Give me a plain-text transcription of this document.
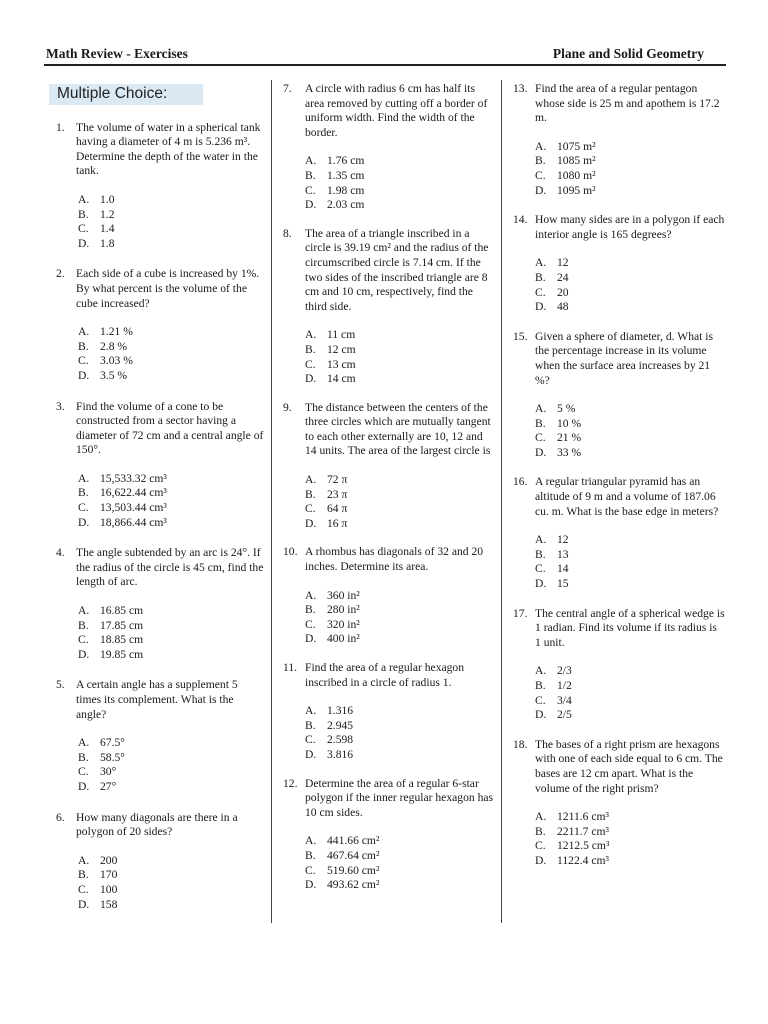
Math Review - Exercises	Plane and Solid Geometry
Multiple Choice:
1. The volume of water in a spherical tank having a diameter of 4 m is 5.236 m³. Determine the depth of the water in the tank.
A. 1.0
B. 1.2
C. 1.4
D. 1.8
2. Each side of a cube is increased by 1%. By what percent is the volume of the cube increased?
A. 1.21 %
B. 2.8 %
C. 3.03 %
D. 3.5 %
3. Find the volume of a cone to be constructed from a sector having a diameter of 72 cm and a central angle of 150°.
A. 15,533.32 cm³
B. 16,622.44 cm³
C. 13,503.44 cm³
D. 18,866.44 cm³
4. The angle subtended by an arc is 24°. If the radius of the circle is 45 cm, find the length of arc.
A. 16.85 cm
B. 17.85 cm
C. 18.85 cm
D. 19.85 cm
5. A certain angle has a supplement 5 times its complement. What is the angle?
A. 67.5°
B. 58.5°
C. 30°
D. 27°
6. How many diagonals are there in a polygon of 20 sides?
A. 200
B. 170
C. 100
D. 158
7. A circle with radius 6 cm has half its area removed by cutting off a border of uniform width. Find the width of the border.
A. 1.76 cm
B. 1.35 cm
C. 1.98 cm
D. 2.03 cm
8. The area of a triangle inscribed in a circle is 39.19 cm² and the radius of the circumscribed circle is 7.14 cm. If the two sides of the inscribed triangle are 8 cm and 10 cm, respectively, find the third side.
A. 11 cm
B. 12 cm
C. 13 cm
D. 14 cm
9. The distance between the centers of the three circles which are mutually tangent to each other externally are 10, 12 and 14 units. The area of the largest circle is
A. 72 π
B. 23 π
C. 64 π
D. 16 π
10. A rhombus has diagonals of 32 and 20 inches. Determine its area.
A. 360 in²
B. 280 in²
C. 320 in²
D. 400 in²
11. Find the area of a regular hexagon inscribed in a circle of radius 1.
A. 1.316
B. 2.945
C. 2.598
D. 3.816
12. Determine the area of a regular 6-star polygon if the inner regular hexagon has 10 cm sides.
A. 441.66 cm²
B. 467.64 cm²
C. 519.60 cm²
D. 493.62 cm²
13. Find the area of a regular pentagon whose side is 25 m and apothem is 17.2 m.
A. 1075 m²
B. 1085 m²
C. 1080 m²
D. 1095 m²
14. How many sides are in a polygon if each interior angle is 165 degrees?
A. 12
B. 24
C. 20
D. 48
15. Given a sphere of diameter, d. What is the percentage increase in its volume when the surface area increases by 21 %?
A. 5 %
B. 10 %
C. 21 %
D. 33 %
16. A regular triangular pyramid has an altitude of 9 m and a volume of 187.06 cu. m. What is the base edge in meters?
A. 12
B. 13
C. 14
D. 15
17. The central angle of a spherical wedge is 1 radian. Find its volume if its radius is 1 unit.
A. 2/3
B. 1/2
C. 3/4
D. 2/5
18. The bases of a right prism are hexagons with one of each side equal to 6 cm. The bases are 12 cm apart. What is the volume of the right prism?
A. 1211.6 cm³
B. 2211.7 cm³
C. 1212.5 cm³
D. 1122.4 cm³
